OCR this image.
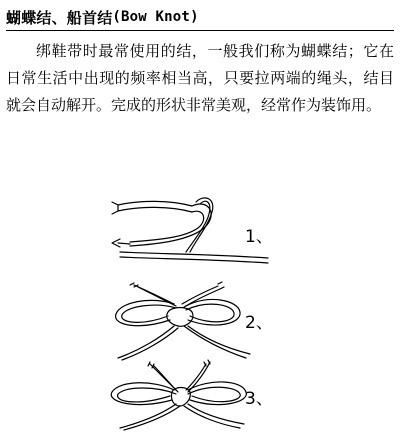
蝴蝶结、船首结 (Bow Knot)

绑鞋带时最常使用的结，一般我们称为蝴蝶结；它在日常生活中出现的频率相当高，只要拉两端的绳头，结目就会自动解开。完成的形状非常美观，经常作为装饰用。

1、
2、
3、
